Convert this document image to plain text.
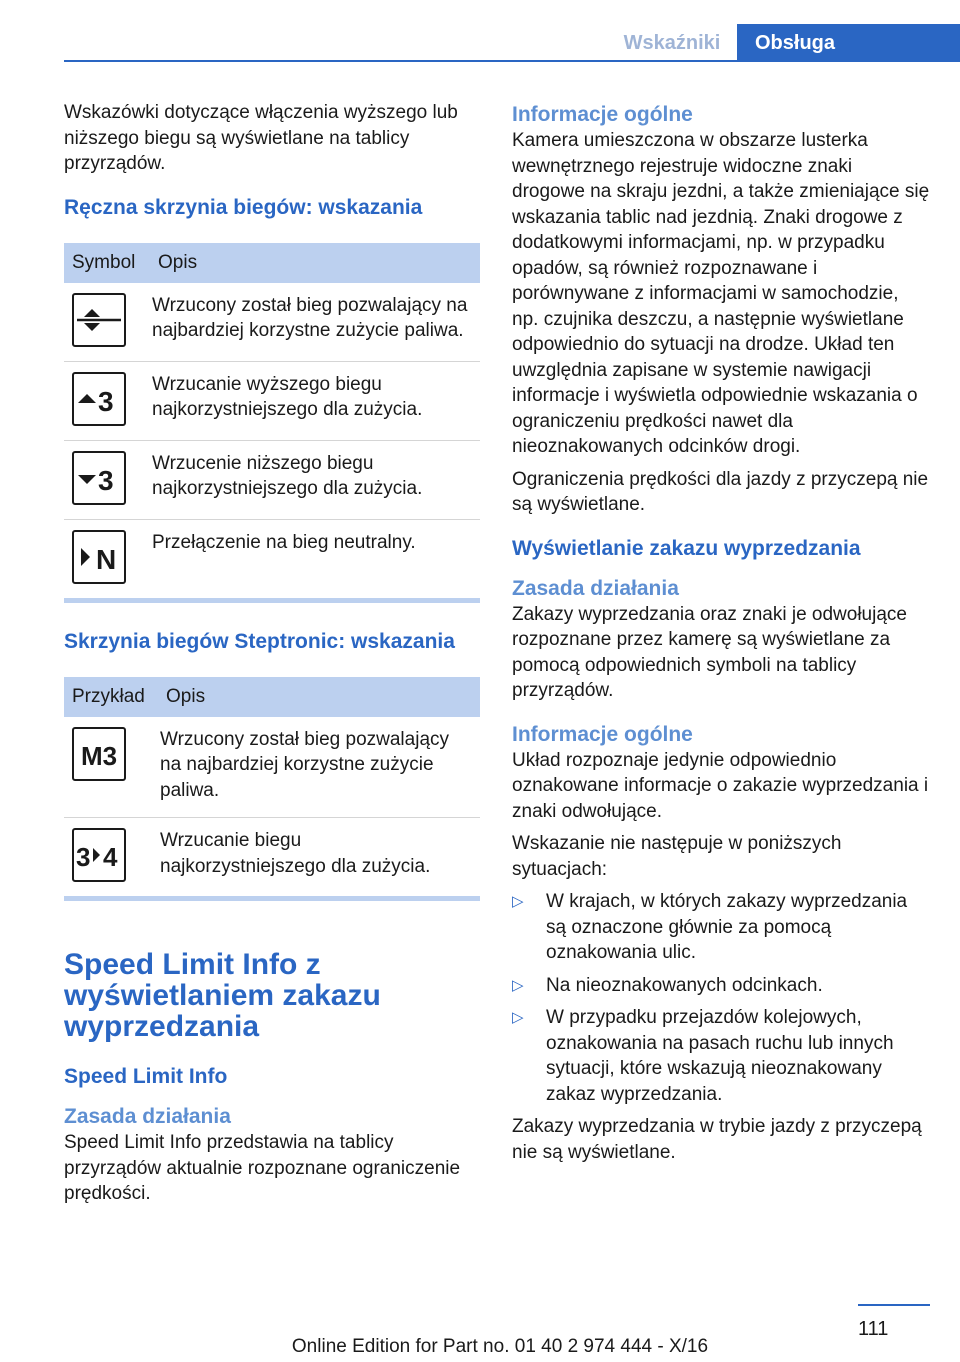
Wskaźniki	Obsługa

Wskazówki dotyczące włączenia wyższego lub niższego biegu są wyświetlane na tablicy przyrządów.

Ręczna skrzynia biegów: wskazania
Symbol	Opis

	Wrzucony został bieg pozwalający na najbardziej korzystne zużycie paliwa.

3	Wrzucanie wyższego biegu najkorzystniejszego dla zużycia.

3	Wrzucenie niższego biegu najkorzystniejszego dla zużycia.

N	Przełączenie na bieg neutralny.
Skrzynia biegów Steptronic: wskazania
Przykład	Opis

M3	Wrzucony został bieg pozwalający na najbardziej korzystne zużycie paliwa.

3 4	Wrzucanie biegu najkorzystniejszego dla zużycia.
Speed Limit Info z wyświetlaniem zakazu wyprzedzania
Speed Limit Info
Zasada działania

Speed Limit Info przedstawia na tablicy przyrządów aktualnie rozpoznane ograniczenie prędkości.

Informacje ogólne

Kamera umieszczona w obszarze lusterka wewnętrznego rejestruje widoczne znaki drogowe na skraju jezdni, a także zmieniające się wskazania tablic nad jezdnią. Znaki drogowe z dodatkowymi informacjami, np. w przypadku opadów, są również rozpoznawane i porównywane z informacjami w samochodzie, np. czujnika deszczu, a następnie wyświetlane odpowiednio do sytuacji na drodze. Układ ten uwzględnia zapisane w systemie nawigacji informacje i wyświetla odpowiednie wskazania o ograniczeniu prędkości nawet dla nieoznakowanych odcinków drogi.

Ograniczenia prędkości dla jazdy z przyczepą nie są wyświetlane.

Wyświetlanie zakazu wyprzedzania
Zasada działania

Zakazy wyprzedzania oraz znaki je odwołujące rozpoznane przez kamerę są wyświetlane za pomocą odpowiednich symboli na tablicy przyrządów.

Informacje ogólne

Układ rozpoznaje jedynie odpowiednio oznakowane informacje o zakazie wyprzedzania i znaki odwołujące.

Wskazanie nie następuje w poniższych sytuacjach:

▷ W krajach, w których zakazy wyprzedzania są oznaczone głównie za pomocą oznakowania ulic.
▷ Na nieoznakowanych odcinkach.
▷ W przypadku przejazdów kolejowych, oznakowania na pasach ruchu lub innych sytuacji, które wskazują nieoznakowany zakaz wyprzedzania.

Zakazy wyprzedzania w trybie jazdy z przyczepą nie są wyświetlane.

111
Online Edition for Part no. 01 40 2 974 444 - X/16
